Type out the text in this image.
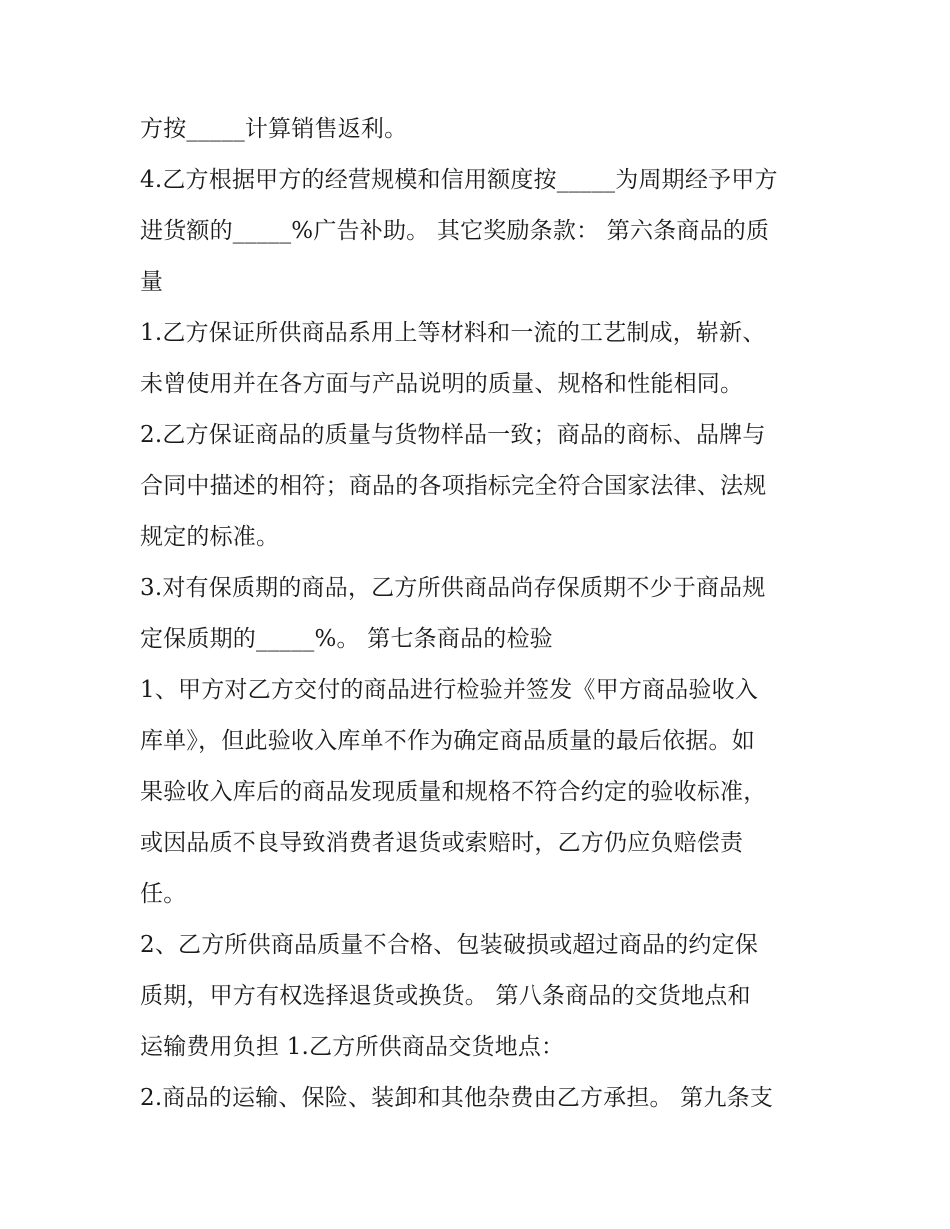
方按_____计算销售返利。
4.乙方根据甲方的经营规模和信用额度按_____为周期经予甲方
进货额的_____%广告补助。 其它奖励条款： 第六条商品的质
量
1.乙方保证所供商品系用上等材料和一流的工艺制成，崭新、
未曾使用并在各方面与产品说明的质量、规格和性能相同。
2.乙方保证商品的质量与货物样品一致；商品的商标、品牌与
合同中描述的相符；商品的各项指标完全符合国家法律、法规
规定的标准。
3.对有保质期的商品，乙方所供商品尚存保质期不少于商品规
定保质期的_____%。 第七条商品的检验
1、甲方对乙方交付的商品进行检验并签发《甲方商品验收入
库单》，但此验收入库单不作为确定商品质量的最后依据。如
果验收入库后的商品发现质量和规格不符合约定的验收标准，
或因品质不良导致消费者退货或索赔时，乙方仍应负赔偿责
任。
2、乙方所供商品质量不合格、包装破损或超过商品的约定保
质期，甲方有权选择退货或换货。 第八条商品的交货地点和
运输费用负担 1.乙方所供商品交货地点：
2.商品的运输、保险、装卸和其他杂费由乙方承担。 第九条支
